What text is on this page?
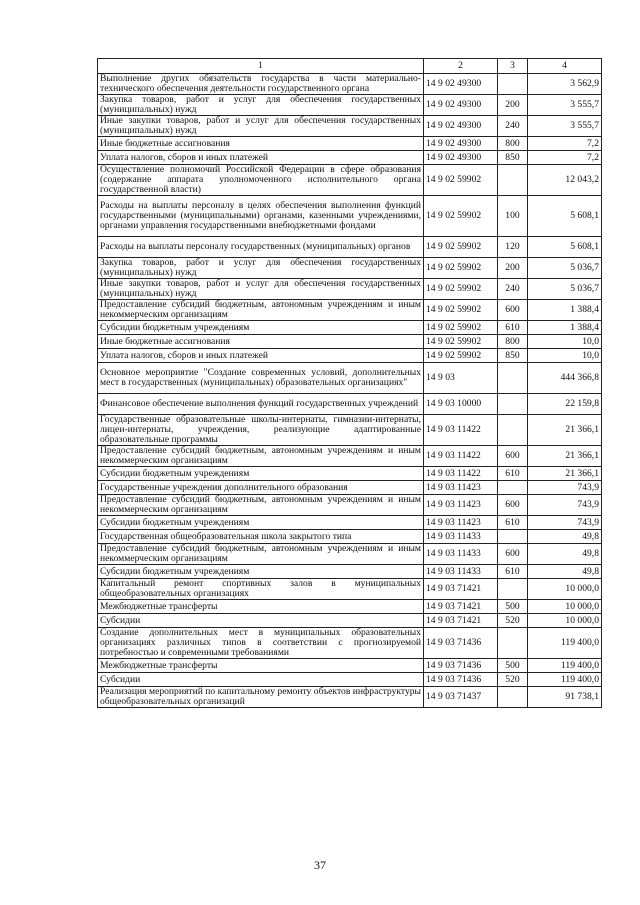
1	2	3	4
Выполнение других обязательств государства в части материально-технического обеспечения деятельности государственного органа	14 9 02 49300		3 562,9
Закупка товаров, работ и услуг для обеспечения государственных (муниципальных) нужд	14 9 02 49300	200	3 555,7
Иные закупки товаров, работ и услуг для обеспечения государственных (муниципальных) нужд	14 9 02 49300	240	3 555,7
Иные бюджетные ассигнования	14 9 02 49300	800	7,2
Уплата налогов, сборов и иных платежей	14 9 02 49300	850	7,2
Осуществление полномочий Российской Федерации в сфере образования (содержание аппарата уполномоченного исполнительного органа государственной власти)	14 9 02 59902		12 043,2
Расходы на выплаты персоналу в целях обеспечения выполнения функций государственными (муниципальными) органами, казенными учреждениями, органами управления государственными внебюджетными фондами	14 9 02 59902	100	5 608,1
Расходы на выплаты персоналу государственных (муниципальных) органов	14 9 02 59902	120	5 608,1
Закупка товаров, работ и услуг для обеспечения государственных (муниципальных) нужд	14 9 02 59902	200	5 036,7
Иные закупки товаров, работ и услуг для обеспечения государственных (муниципальных) нужд	14 9 02 59902	240	5 036,7
Предоставление субсидий бюджетным, автономным учреждениям и иным некоммерческим организациям	14 9 02 59902	600	1 388,4
Субсидии бюджетным учреждениям	14 9 02 59902	610	1 388,4
Иные бюджетные ассигнования	14 9 02 59902	800	10,0
Уплата налогов, сборов и иных платежей	14 9 02 59902	850	10,0
Основное мероприятие "Создание современных условий, дополнительных мест в государственных (муниципальных) образовательных организациях"	14 9 03		444 366,8
Финансовое обеспечение выполнения функций государственных учреждений	14 9 03 10000		22 159,8
Государственные образовательные школы-интернаты, гимназии-интернаты, лицеи-интернаты, учреждения, реализующие адаптированные образовательные программы	14 9 03 11422		21 366,1
Предоставление субсидий бюджетным, автономным учреждениям и иным некоммерческим организациям	14 9 03 11422	600	21 366,1
Субсидии бюджетным учреждениям	14 9 03 11422	610	21 366,1
Государственные учреждения дополнительного образования	14 9 03 11423		743,9
Предоставление субсидий бюджетным, автономным учреждениям и иным некоммерческим организациям	14 9 03 11423	600	743,9
Субсидии бюджетным учреждениям	14 9 03 11423	610	743,9
Государственная общеобразовательная школа закрытого типа	14 9 03 11433		49,8
Предоставление субсидий бюджетным, автономным учреждениям и иным некоммерческим организациям	14 9 03 11433	600	49,8
Субсидии бюджетным учреждениям	14 9 03 11433	610	49,8
Капитальный ремонт спортивных залов в муниципальных общеобразовательных организациях	14 9 03 71421		10 000,0
Межбюджетные трансферты	14 9 03 71421	500	10 000,0
Субсидии	14 9 03 71421	520	10 000,0
Создание дополнительных мест в муниципальных образовательных организациях различных типов в соответствии с прогнозируемой потребностью и современными требованиями	14 9 03 71436		119 400,0
Межбюджетные трансферты	14 9 03 71436	500	119 400,0
Субсидии	14 9 03 71436	520	119 400,0
Реализация мероприятий по капитальному ремонту объектов инфраструктуры общеобразовательных организаций	14 9 03 71437		91 738,1
37
